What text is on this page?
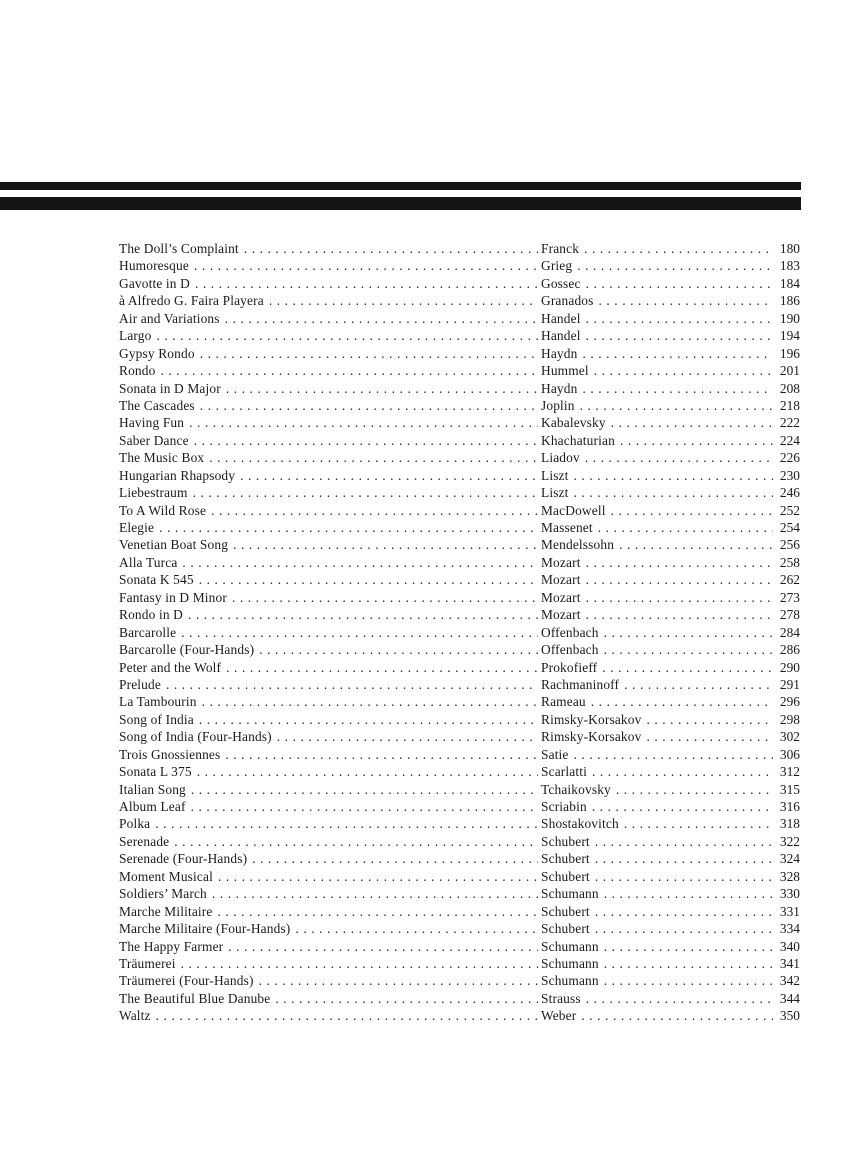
The Doll’s Complaint . . .	Franck . . .	180
Humoresque . . .	Grieg . . .	183
Gavotte in D . . .	Gossec . . .	184
à Alfredo G. Faira Playera . . .	Granados . . .	186
Air and Variations . . .	Handel . . .	190
Largo . . .	Handel . . .	194
Gypsy Rondo . . .	Haydn . . .	196
Rondo . . .	Hummel . . .	201
Sonata in D Major . . .	Haydn . . .	208
The Cascades . . .	Joplin . . .	218
Having Fun . . .	Kabalevsky . . .	222
Saber Dance . . .	Khachaturian . . .	224
The Music Box . . .	Liadov . . .	226
Hungarian Rhapsody . . .	Liszt . . .	230
Liebestraum . . .	Liszt . . .	246
To A Wild Rose . . .	MacDowell . . .	252
Elegie . . .	Massenet . . .	254
Venetian Boat Song . . .	Mendelssohn . . .	256
Alla Turca . . .	Mozart . . .	258
Sonata K 545 . . .	Mozart . . .	262
Fantasy in D Minor . . .	Mozart . . .	273
Rondo in D . . .	Mozart . . .	278
Barcarolle . . .	Offenbach . . .	284
Barcarolle (Four-Hands) . . .	Offenbach . . .	286
Peter and the Wolf . . .	Prokofieff . . .	290
Prelude . . .	Rachmaninoff . . .	291
La Tambourin . . .	Rameau . . .	296
Song of India . . .	Rimsky-Korsakov . . .	298
Song of India (Four-Hands) . . .	Rimsky-Korsakov . . .	302
Trois Gnossiennes . . .	Satie . . .	306
Sonata L 375 . . .	Scarlatti . . .	312
Italian Song . . .	Tchaikovsky . . .	315
Album Leaf . . .	Scriabin . . .	316
Polka . . .	Shostakovitch . . .	318
Serenade . . .	Schubert . . .	322
Serenade (Four-Hands) . . .	Schubert . . .	324
Moment Musical . . .	Schubert . . .	328
Soldiers’ March . . .	Schumann . . .	330
Marche Militaire . . .	Schubert . . .	331
Marche Militaire (Four-Hands) . . .	Schubert . . .	334
The Happy Farmer . . .	Schumann . . .	340
Träumerei . . .	Schumann . . .	341
Träumerei (Four-Hands) . . .	Schumann . . .	342
The Beautiful Blue Danube . . .	Strauss . . .	344
Waltz . . .	Weber . . .	350
